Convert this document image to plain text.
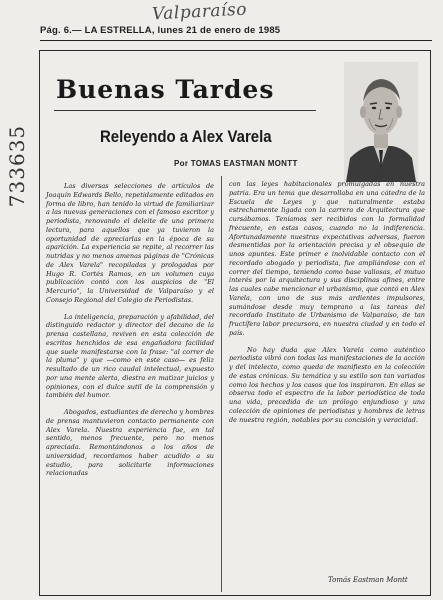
Valparaíso
Pág. 6.— LA ESTRELLA, lunes 21 de enero de 1985
733635
Buenas Tardes
Releyendo a Alex Varela
Por TOMAS EASTMAN MONTT

Las diversas selecciones de artículos de Joaquín Edwards Bello, repetidamente editados en forma de libro, han tenido la virtud de familiarizar a las nuevas generaciones con el famoso escritor y periodista, renovando el deleite de una primera lectura, para aquellos que ya tuvieron la oportunidad de apreciarlas en la época de su aparición. La experiencia se repite, al recorrer las nutridas y no menos amenas páginas de "Crónicas de Alex Varela" recopiladas y prologadas por Hugo R. Cortés Ramos, en un volumen cuya publicación contó con los auspicios de "El Mercurio", la Universidad de Valparaíso y el Consejo Regional del Colegio de Periodistas.

La inteligencia, preparación y afabilidad, del distinguido redactor y director del decano de la prensa castellana, reviven en esta colección de escritos henchidos de esa engañadora facilidad que suele manifestarse con la frase: "al correr de la pluma" y que —como en este caso— es feliz resultado de un rico caudal intelectual, expuesto por una mente alerta, diestra en matizar juicios y opiniones, con el dulce sutil de la comprensión y también del humor.

Abogados, estudiantes de derecho y hombres de prensa mantuvieron contacto permanente con Alex Varela. Nuestra experiencia fue, en tal sentido, menos frecuente, pero no menos apreciada. Remontándonos a los años de universidad, recordamos haber acudido a su estudio, para solicitarle informaciones relacionadas

con las leyes habitacionales promulgadas en nuestra patria. Era un tema que desarrollaba en una cátedra de la Escuela de Leyes y que naturalmente estaba estrechamente ligada con la carrera de Arquitectura que cursábamos. Teníamos ser recibidos con la formalidad frecuente, en estas casos, cuando no la indiferencia. Afortunadamente nuestras expectativas adversas, fueron desmentidas por la orientación precisa y el obsequio de unos apuntes. Este primer e inolvidable contacto con el recordado abogado y periodista, fue ampliándose con el correr del tiempo, teniendo como base valiosas, el mutuo interés por la arquitectura y sus disciplinas afines, entre las cuales cabe mencionar el urbanismo, que contó en Alex Varela, con uno de sus más ardientes impulsores, sumándose desde muy temprano a las tareas del recordado Instituto de Urbanismo de Valparaíso, de tan fructífera labor precursora, en nuestra ciudad y en todo el país.

No hay duda que Alex Varela como auténtico periodista vibró con todas las manifestaciones de la acción y del intelecto, como queda de manifiesto en la colección de estas crónicas. Su temática y su estilo son tan variados como los hechos y los casos que los inspiraron. En ellas se observa todo el espectro de la labor periodística de toda una vida, precedida de un prólogo enjundioso y una colección de opiniones de periodistas y hombres de letras de nuestra región, notables por su concisión y veracidad.

Tomás Eastman Montt
